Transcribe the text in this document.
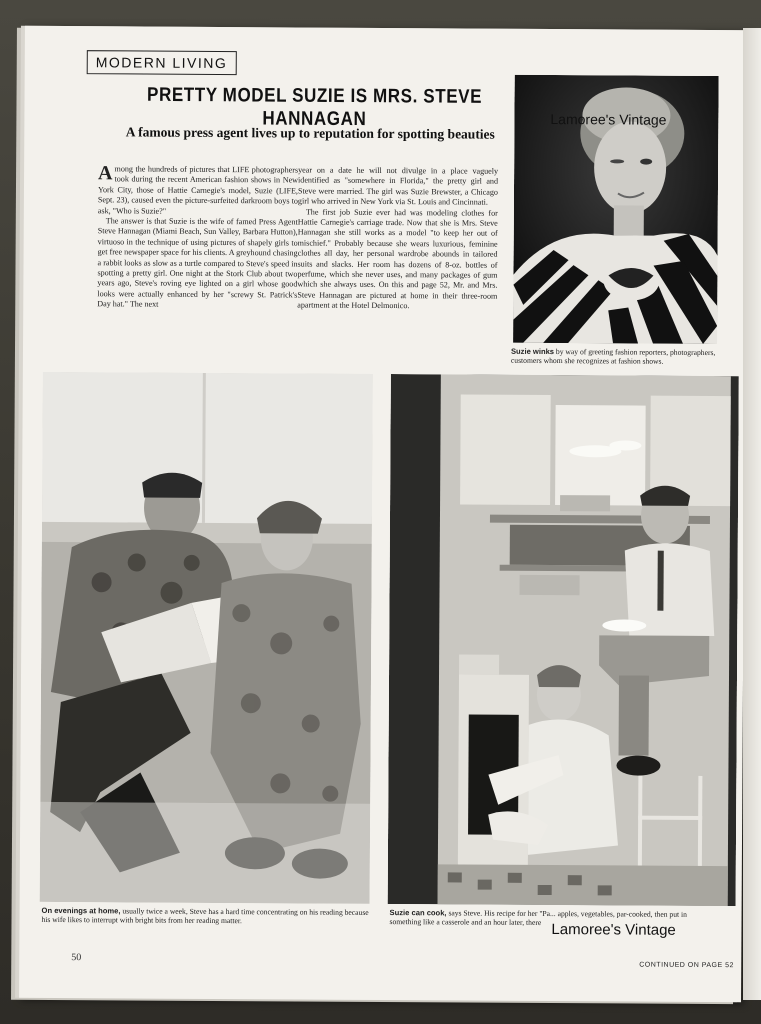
MODERN LIVING
PRETTY MODEL SUZIE IS MRS. STEVE HANNAGAN
A famous press agent lives up to reputation for spotting beauties

Among the hundreds of pictures that LIFE photographers took during the recent American fashion shows in New York City, those of Hattie Carnegie's model, Suzie (LIFE, Sept. 23), caused even the picture-surfeited darkroom boys to ask, "Who is Suzie?"

The answer is that Suzie is the wife of famed Press Agent Steve Hannagan (Miami Beach, Sun Valley, Barbara Hutton), virtuoso in the technique of using pictures of shapely girls to get free newspaper space for his clients. A greyhound chasing a rabbit looks as slow as a turtle compared to Steve's speed in spotting a pretty girl. One night at the Stork Club about two years ago, Steve's roving eye lighted on a girl whose good looks were actually enhanced by her "screwy St. Patrick's Day hat." The next

year on a date he will not divulge in a place vaguely identified as "somewhere in Florida," the pretty girl and Steve were married. The girl was Suzie Brewster, a Chicago girl who arrived in New York via St. Louis and Cincinnati.

The first job Suzie ever had was modeling clothes for Hattie Carnegie's carriage trade. Now that she is Mrs. Steve Hannagan she still works as a model "to keep her out of mischief." Probably because she wears luxurious, feminine clothes all day, her personal wardrobe abounds in tailored suits and slacks. Her room has dozens of 8-oz. bottles of perfume, which she never uses, and many packages of gum which she always uses. On this and page 52, Mr. and Mrs. Steve Hannagan are pictured at home in their three-room apartment at the Hotel Delmonico.

Lamoree's Vintage
Suzie winks by way of greeting fashion reporters, photographers, customers whom she recognizes at fashion shows.
On evenings at home, usually twice a week, Steve has a hard time concentrating on his reading because his wife likes to interrupt with bright bits from her reading matter.
Lamoree's Vintage
Suzie can cook, says Steve. His recipe for her "Pa... apples, vegetables, par-cooked, then put in something like a casserole and an hour later, there
50
CONTINUED ON PAGE 52
